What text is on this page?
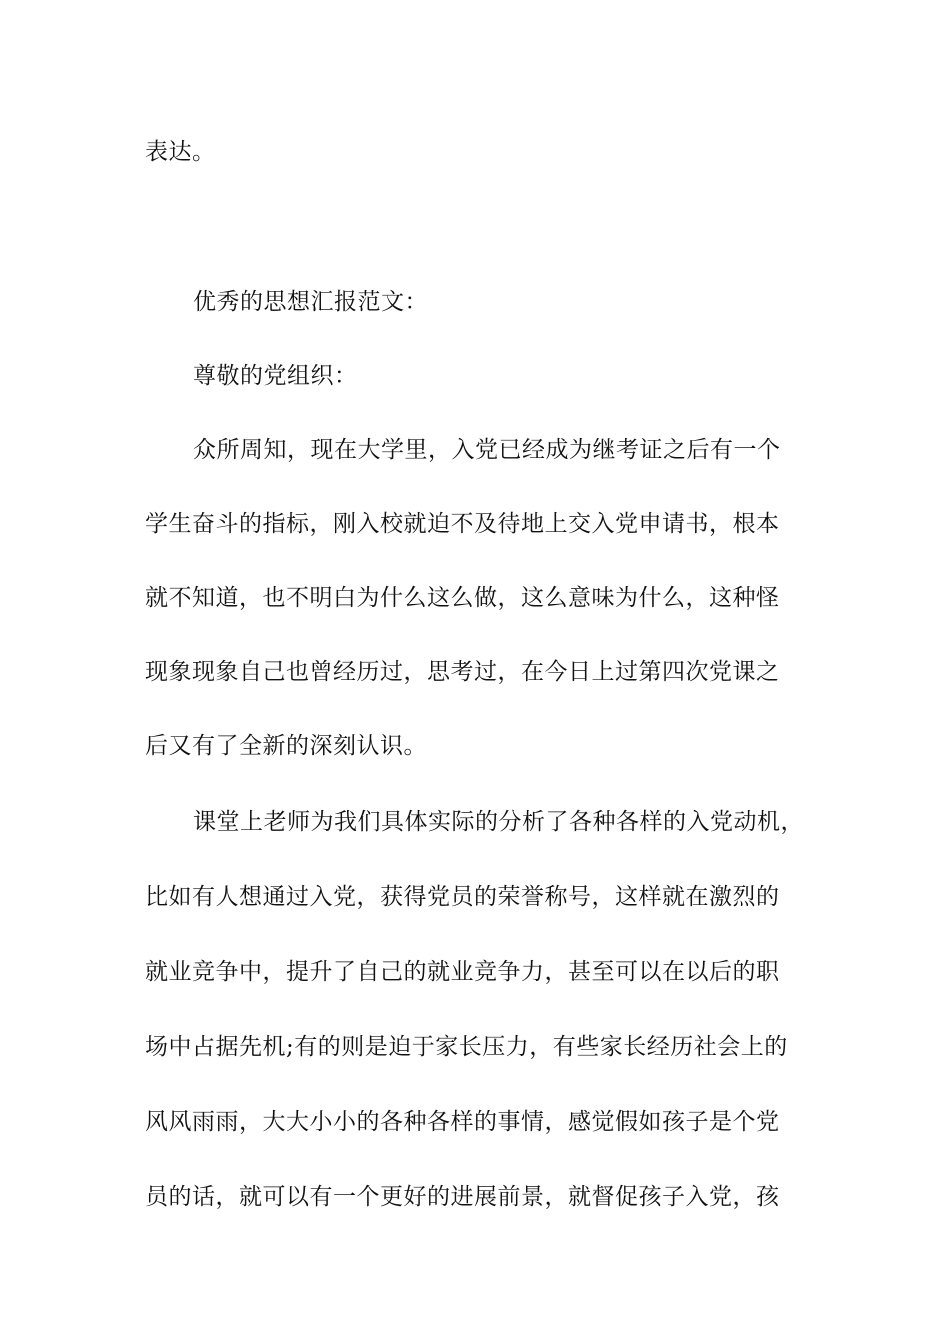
表达。
优秀的思想汇报范文：
尊敬的党组织：
众所周知，现在大学里，入党已经成为继考证之后有一个
学生奋斗的指标，刚入校就迫不及待地上交入党申请书，根本
就不知道，也不明白为什么这么做，这么意味为什么，这种怪
现象现象自己也曾经历过，思考过，在今日上过第四次党课之
后又有了全新的深刻认识。
课堂上老师为我们具体实际的分析了各种各样的入党动机，
比如有人想通过入党，获得党员的荣誉称号，这样就在激烈的
就业竞争中，提升了自己的就业竞争力，甚至可以在以后的职
场中占据先机;有的则是迫于家长压力，有些家长经历社会上的
风风雨雨，大大小小的各种各样的事情，感觉假如孩子是个党
员的话，就可以有一个更好的进展前景，就督促孩子入党，孩
